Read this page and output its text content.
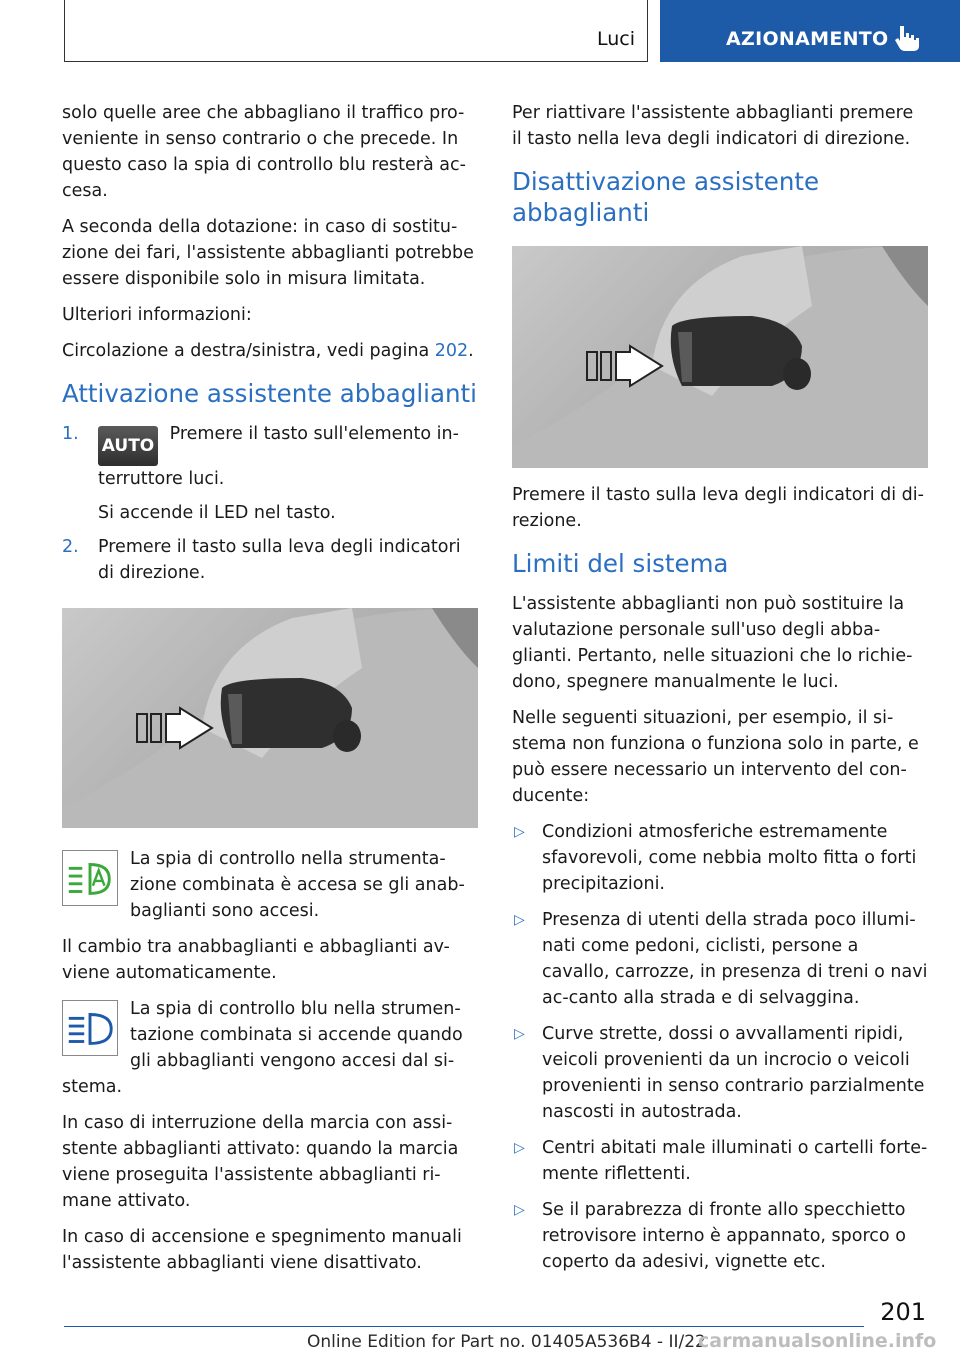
Luci	AZIONAMENTO

solo quelle aree che abbagliano il traffico pro-veniente in senso contrario o che precede. In questo caso la spia di controllo blu resterà ac-cesa.

A seconda della dotazione: in caso di sostitu-zione dei fari, l'assistente abbaglianti potrebbe essere disponibile solo in misura limitata.

Ulteriori informazioni:

Circolazione a destra/sinistra, vedi pagina 202.

Attivazione assistente abbaglianti
1.
AUTO Premere il tasto sull'elemento in-terruttore luci.
Si accende il LED nel tasto.
2. Premere il tasto sulla leva degli indicatori di direzione.

La spia di controllo nella strumenta-zione combinata è accesa se gli anab-baglianti sono accesi.

Il cambio tra anabbaglianti e abbaglianti av-viene automaticamente.

La spia di controllo blu nella strumen-tazione combinata si accende quando gli abbaglianti vengono accesi dal si-stema.

In caso di interruzione della marcia con assi-stente abbaglianti attivato: quando la marcia viene proseguita l'assistente abbaglianti ri-mane attivato.

In caso di accensione e spegnimento manuali l'assistente abbaglianti viene disattivato.

Per riattivare l'assistente abbaglianti premere il tasto nella leva degli indicatori di direzione.

Disattivazione assistente abbaglianti

Premere il tasto sulla leva degli indicatori di di-rezione.

Limiti del sistema

L'assistente abbaglianti non può sostituire la valutazione personale sull'uso degli abba-glianti. Pertanto, nelle situazioni che lo richie-dono, spegnere manualmente le luci.

Nelle seguenti situazioni, per esempio, il si-stema non funziona o funziona solo in parte, e può essere necessario un intervento del con-ducente:

▷ Condizioni atmosferiche estremamente sfavorevoli, come nebbia molto fitta o forti precipitazioni.
▷ Presenza di utenti della strada poco illumi-nati come pedoni, ciclisti, persone a cavallo, carrozze, in presenza di treni o navi ac-canto alla strada e di selvaggina.
▷ Curve strette, dossi o avvallamenti ripidi, veicoli provenienti da un incrocio o veicoli provenienti in senso contrario parzialmente nascosti in autostrada.
▷ Centri abitati male illuminati o cartelli forte-mente riflettenti.
▷ Se il parabrezza di fronte allo specchietto retrovisore interno è appannato, sporco o coperto da adesivi, vignette etc.
201
Online Edition for Part no. 01405A536B4 - II/22
carmanualsonline.info
